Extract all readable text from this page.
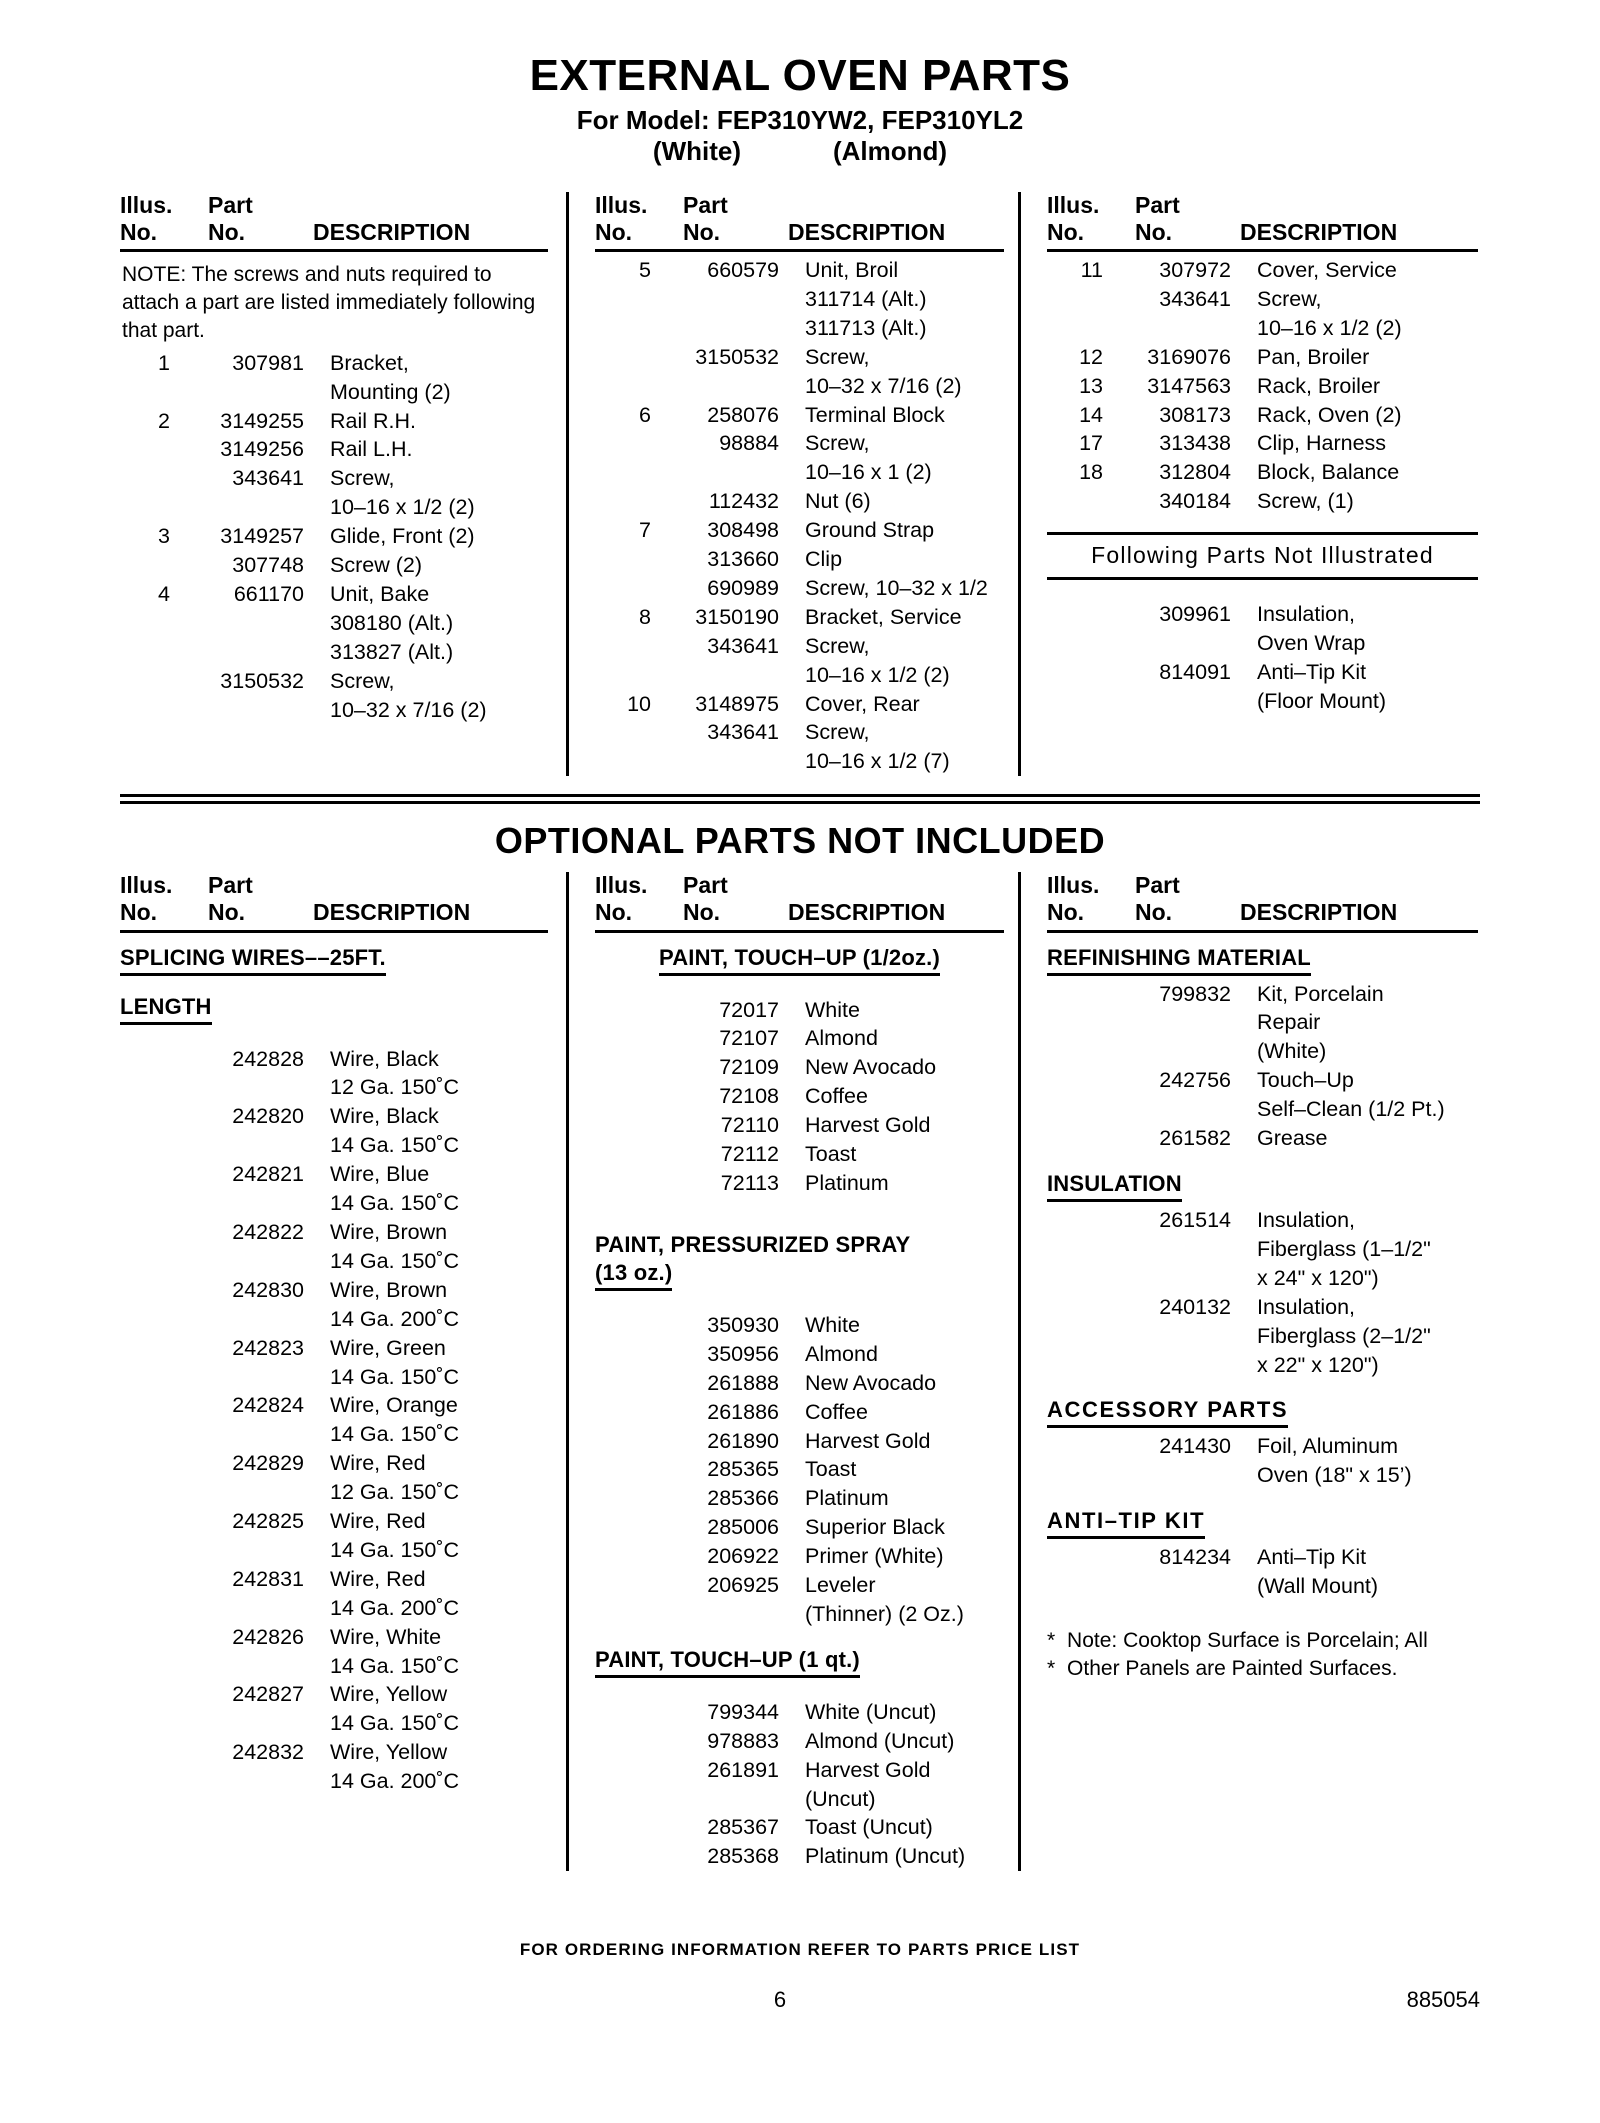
EXTERNAL OVEN PARTS
For Model: FEP310YW2, FEP310YL2
(White)	(Almond)
Illus.	Part
No.	No.	DESCRIPTION
NOTE: The screws and nuts required to attach a part are listed immediately following that part.
1	307981	Bracket,
Mounting (2)
2	3149255	Rail R.H.
3149256	Rail L.H.
343641	Screw,
10–16 x 1/2 (2)
3	3149257	Glide, Front (2)
307748	Screw (2)
4	661170	Unit, Bake
308180 (Alt.)
313827 (Alt.)
3150532	Screw,
10–32 x 7/16 (2)
Illus.	Part
No.	No.	DESCRIPTION
5	660579	Unit, Broil
311714 (Alt.)
311713 (Alt.)
3150532	Screw,
10–32 x 7/16 (2)
6	258076	Terminal Block
98884	Screw,
10–16 x 1 (2)
112432	Nut (6)
7	308498	Ground Strap
313660	Clip
690989	Screw, 10–32 x 1/2
8	3150190	Bracket, Service
343641	Screw,
10–16 x 1/2 (2)
10	3148975	Cover, Rear
343641	Screw,
10–16 x 1/2 (7)
Illus.	Part
No.	No.	DESCRIPTION
11	307972	Cover, Service
343641	Screw,
10–16 x 1/2 (2)
12	3169076	Pan, Broiler
13	3147563	Rack, Broiler
14	308173	Rack, Oven (2)
17	313438	Clip, Harness
18	312804	Block, Balance
340184	Screw, (1)
Following Parts Not Illustrated
309961	Insulation,
Oven Wrap
814091	Anti–Tip Kit
(Floor Mount)
OPTIONAL PARTS NOT INCLUDED
Illus.	Part
No.	No.	DESCRIPTION
SPLICING WIRES––25FT.
LENGTH
242828	Wire, Black
12 Ga. 150˚C
242820	Wire, Black
14 Ga. 150˚C
242821	Wire, Blue
14 Ga. 150˚C
242822	Wire, Brown
14 Ga. 150˚C
242830	Wire, Brown
14 Ga. 200˚C
242823	Wire, Green
14 Ga. 150˚C
242824	Wire, Orange
14 Ga. 150˚C
242829	Wire, Red
12 Ga. 150˚C
242825	Wire, Red
14 Ga. 150˚C
242831	Wire, Red
14 Ga. 200˚C
242826	Wire, White
14 Ga. 150˚C
242827	Wire, Yellow
14 Ga. 150˚C
242832	Wire, Yellow
14 Ga. 200˚C
Illus.	Part
No.	No.	DESCRIPTION
PAINT, TOUCH–UP (1/2oz.)
72017	White
72107	Almond
72109	New Avocado
72108	Coffee
72110	Harvest Gold
72112	Toast
72113	Platinum
PAINT, PRESSURIZED SPRAY
(13 oz.)
350930	White
350956	Almond
261888	New Avocado
261886	Coffee
261890	Harvest Gold
285365	Toast
285366	Platinum
285006	Superior Black
206922	Primer (White)
206925	Leveler
(Thinner) (2 Oz.)
PAINT, TOUCH–UP (1 qt.)
799344	White (Uncut)
978883	Almond (Uncut)
261891	Harvest Gold
(Uncut)
285367	Toast (Uncut)
285368	Platinum (Uncut)
Illus.	Part
No.	No.	DESCRIPTION
REFINISHING MATERIAL
799832	Kit, Porcelain
Repair
(White)
242756	Touch–Up
Self–Clean (1/2 Pt.)
261582	Grease
INSULATION
261514	Insulation,
Fiberglass (1–1/2"
x 24" x 120")
240132	Insulation,
Fiberglass (2–1/2"
x 22" x 120")
ACCESSORY PARTS
241430	Foil, Aluminum
Oven (18" x 15’)
ANTI–TIP KIT
814234	Anti–Tip Kit
(Wall Mount)
* *
Note: Cooktop Surface is Porcelain; All Other Panels are Painted Surfaces.
FOR ORDERING INFORMATION REFER TO PARTS PRICE LIST
6	885054
